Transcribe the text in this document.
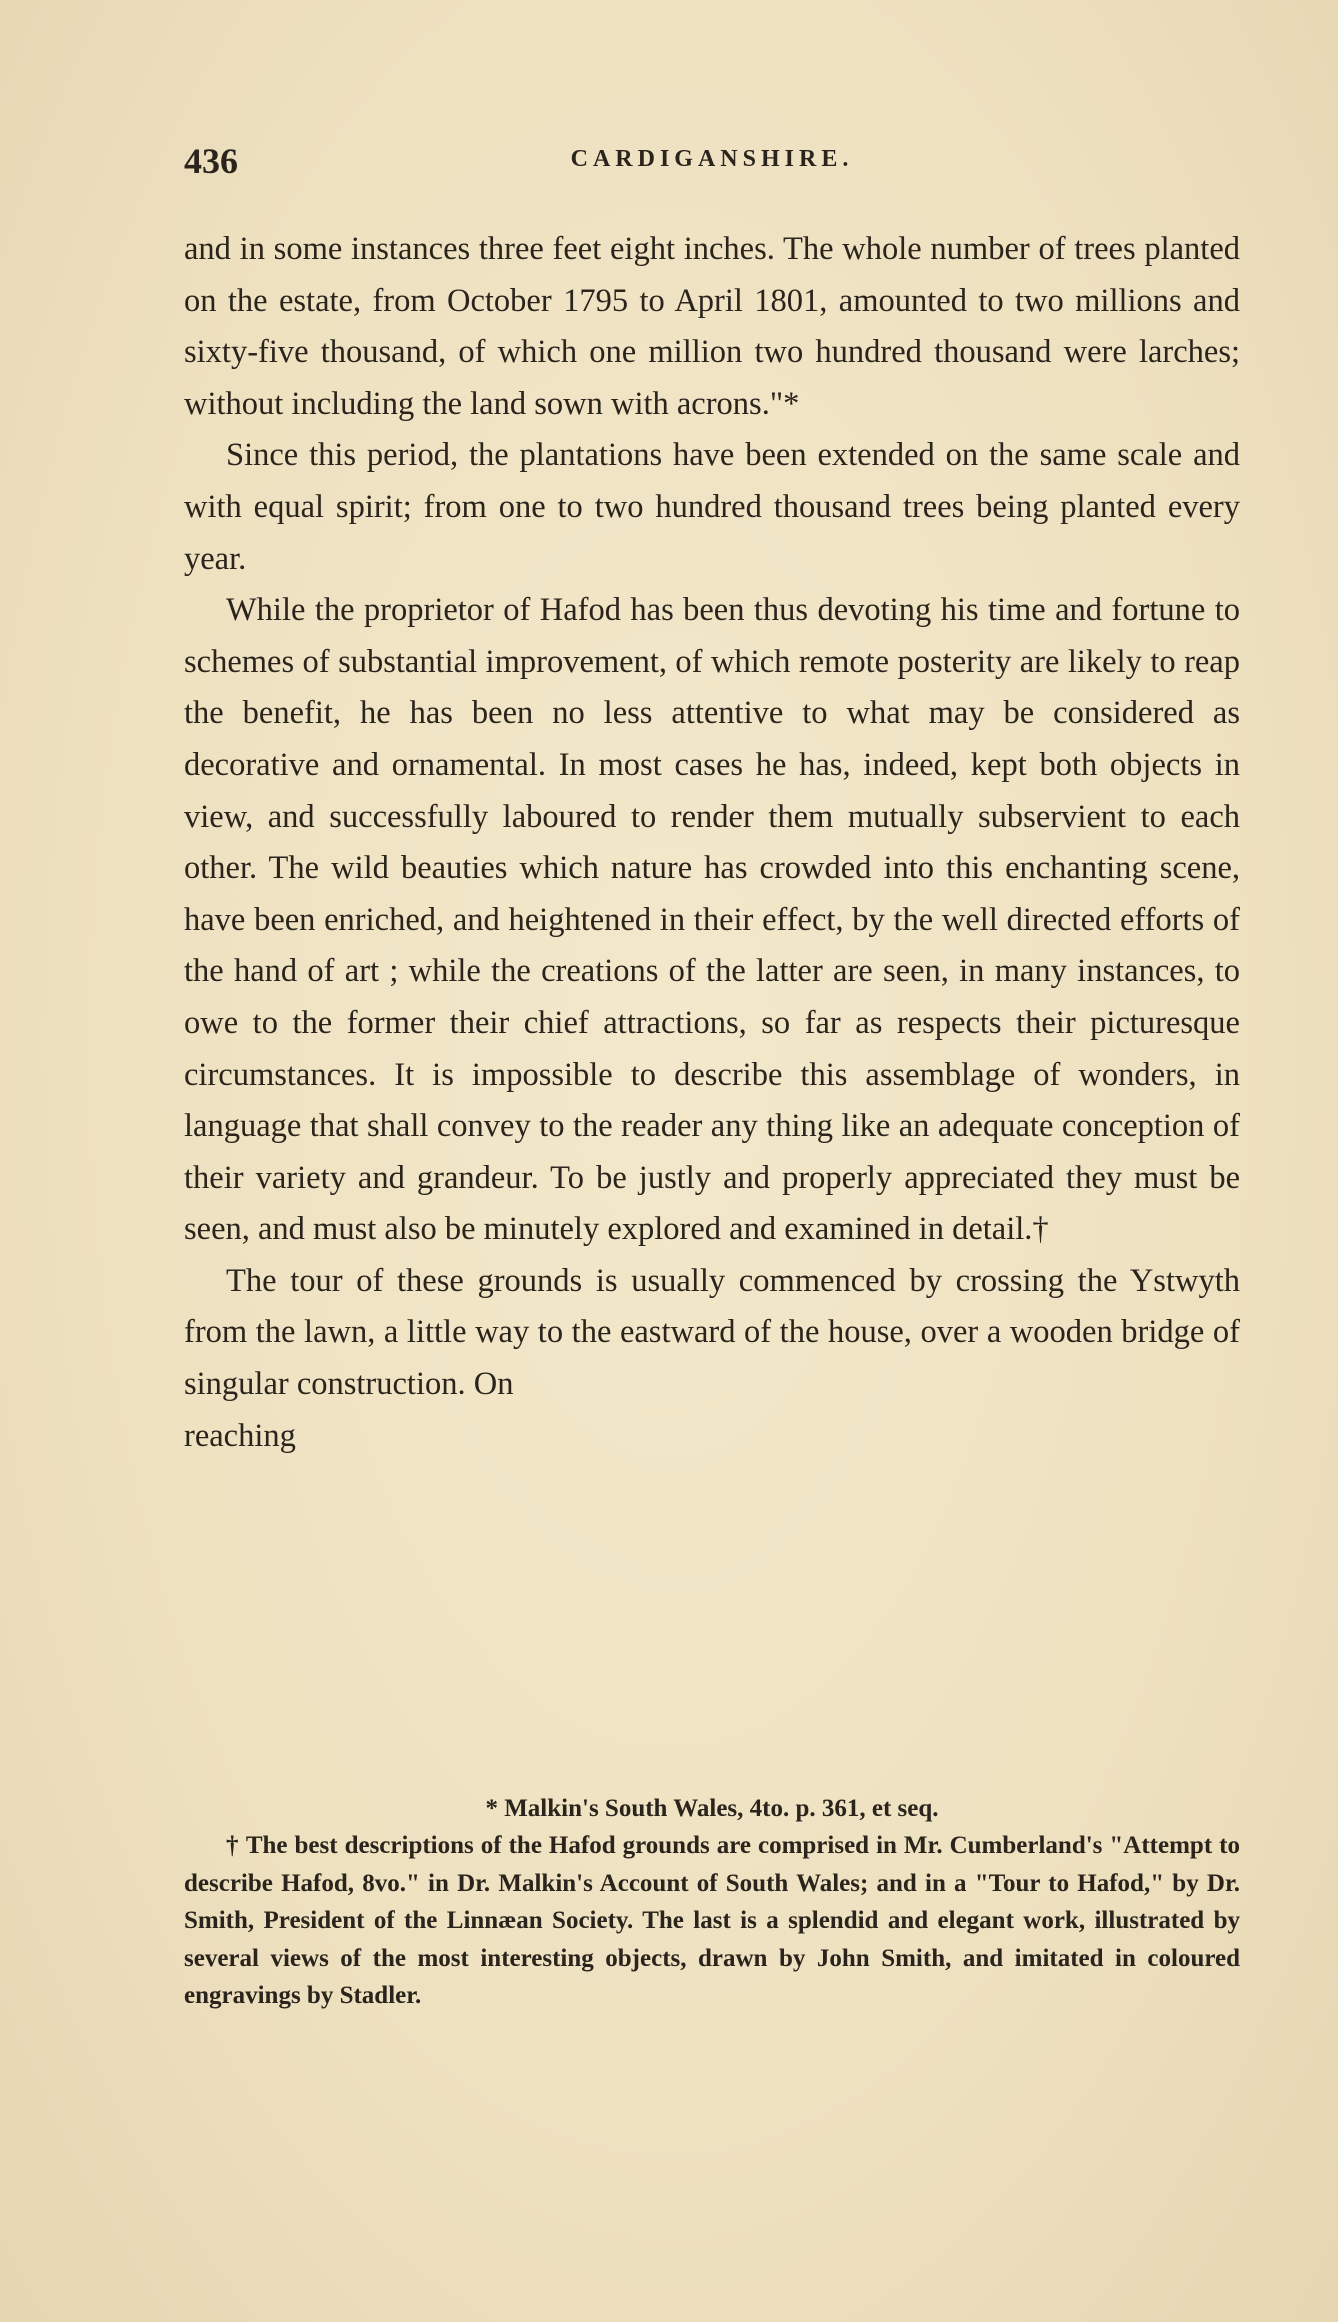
436	CARDIGANSHIRE.

and in some instances three feet eight inches. The whole number of trees planted on the estate, from October 1795 to April 1801, amounted to two millions and sixty-five thousand, of which one million two hundred thousand were larches; without including the land sown with acrons."*

Since this period, the plantations have been extended on the same scale and with equal spirit; from one to two hundred thousand trees being planted every year.

While the proprietor of Hafod has been thus devoting his time and fortune to schemes of substantial improvement, of which remote posterity are likely to reap the benefit, he has been no less attentive to what may be considered as decorative and ornamental. In most cases he has, indeed, kept both objects in view, and successfully laboured to render them mutually subservient to each other. The wild beauties which nature has crowded into this enchanting scene, have been enriched, and heightened in their effect, by the well directed efforts of the hand of art ; while the creations of the latter are seen, in many instances, to owe to the former their chief attractions, so far as respects their picturesque circumstances. It is impossible to describe this assemblage of wonders, in language that shall convey to the reader any thing like an adequate conception of their variety and grandeur. To be justly and properly appreciated they must be seen, and must also be minutely explored and examined in detail.†

The tour of these grounds is usually commenced by crossing the Ystwyth from the lawn, a little way to the eastward of the house, over a wooden bridge of singular construction. On

reaching

* Malkin's South Wales, 4to. p. 361, et seq.

† The best descriptions of the Hafod grounds are comprised in Mr. Cumberland's "Attempt to describe Hafod, 8vo." in Dr. Malkin's Account of South Wales; and in a "Tour to Hafod," by Dr. Smith, President of the Linnæan Society. The last is a splendid and elegant work, illustrated by several views of the most interesting objects, drawn by John Smith, and imitated in coloured engravings by Stadler.
